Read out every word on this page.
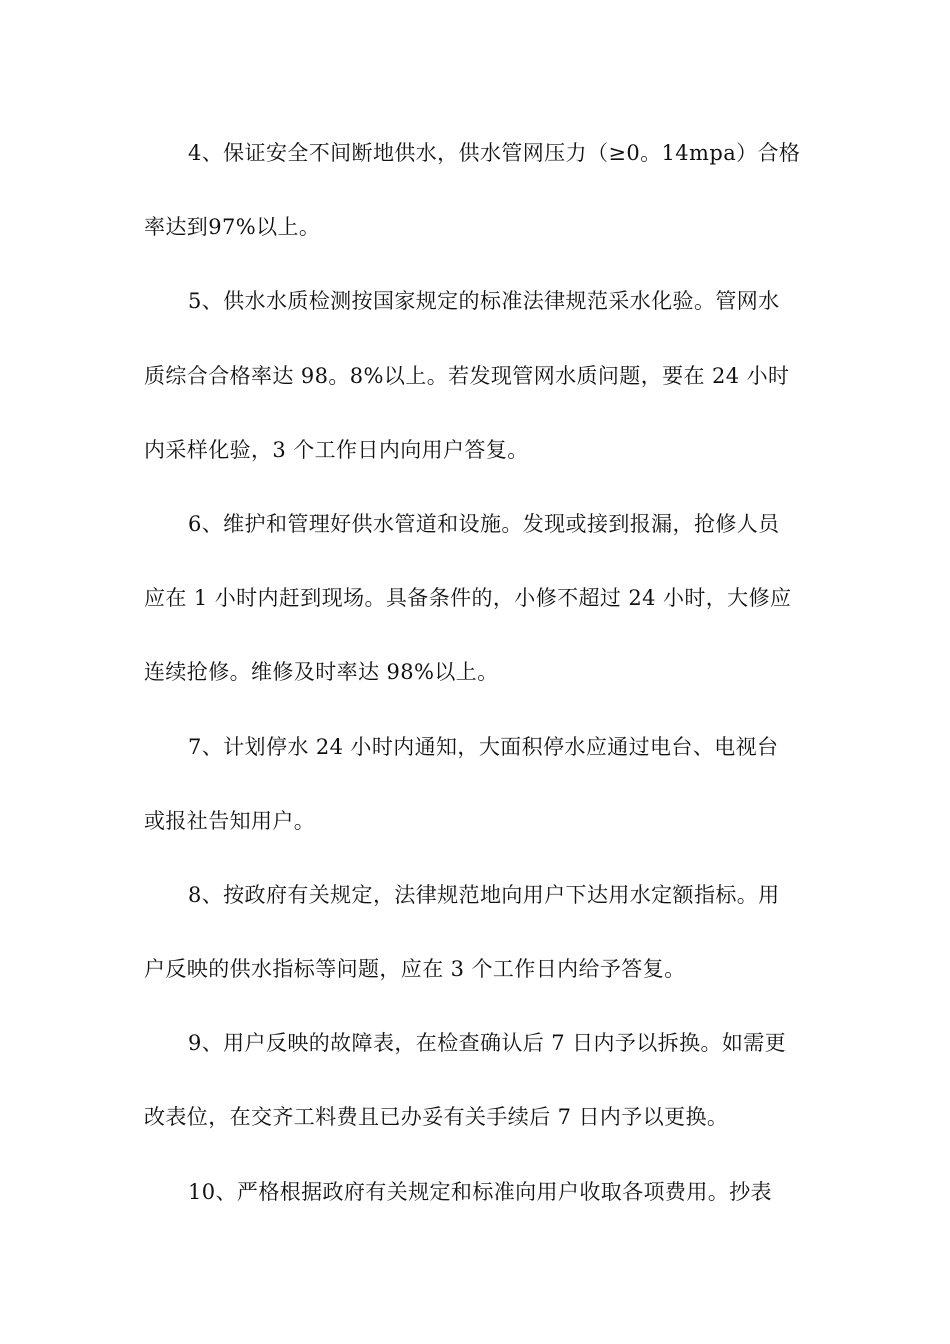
4、保证安全不间断地供水，供水管网压力（≥0。14mpa）合格
率达到97%以上。
5、供水水质检测按国家规定的标准法律规范采水化验。管网水
质综合合格率达 98。8%以上。若发现管网水质问题，要在 24 小时
内采样化验，3 个工作日内向用户答复。
6、维护和管理好供水管道和设施。发现或接到报漏，抢修人员
应在 1 小时内赶到现场。具备条件的，小修不超过 24 小时，大修应
连续抢修。维修及时率达 98%以上。
7、计划停水 24 小时内通知，大面积停水应通过电台、电视台
或报社告知用户。
8、按政府有关规定，法律规范地向用户下达用水定额指标。用
户反映的供水指标等问题，应在 3 个工作日内给予答复。
9、用户反映的故障表，在检查确认后 7 日内予以拆换。如需更
改表位，在交齐工料费且已办妥有关手续后 7 日内予以更换。
10、严格根据政府有关规定和标准向用户收取各项费用。抄表
